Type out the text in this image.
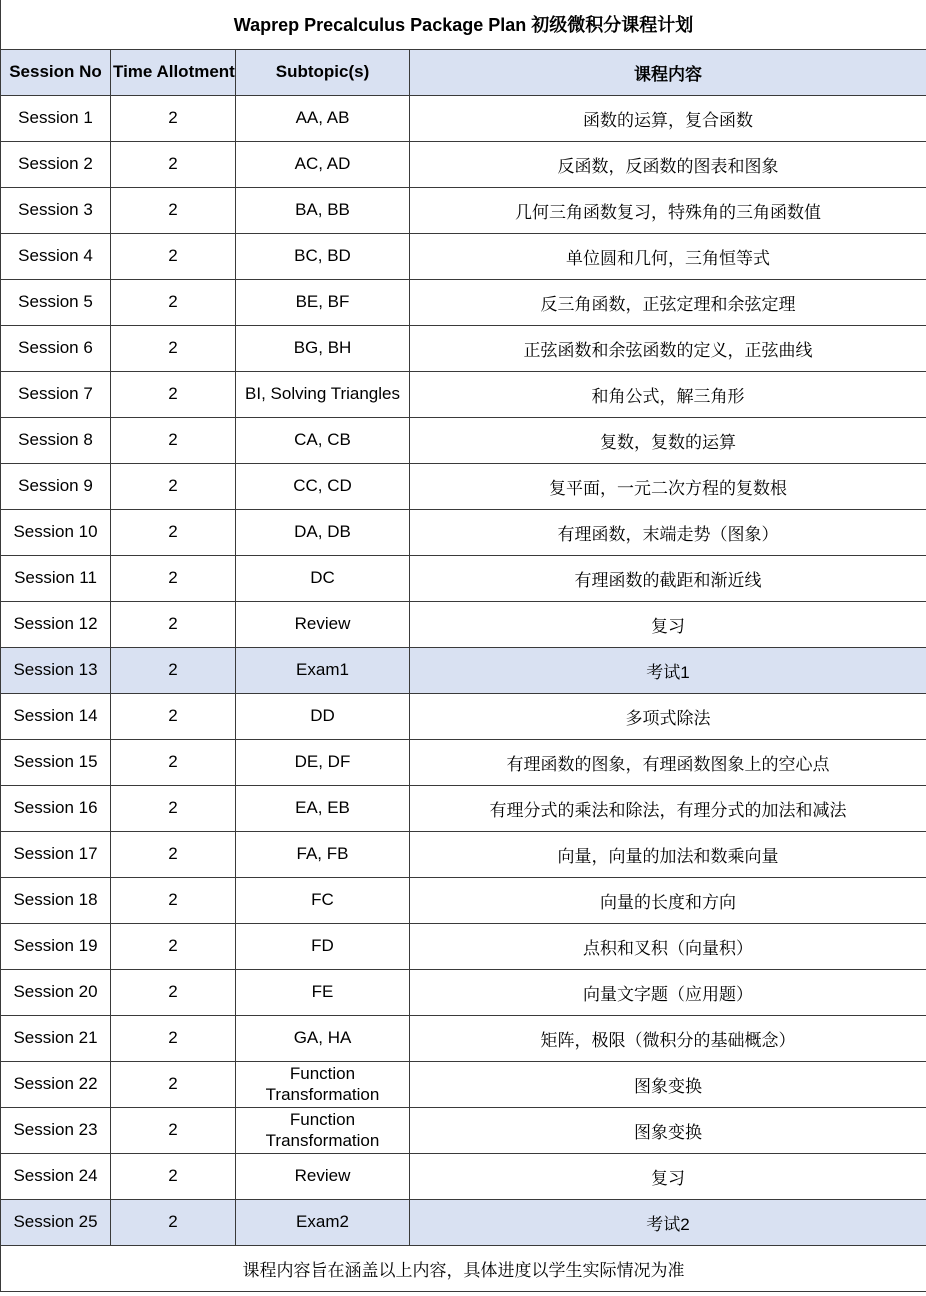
Waprep Precalculus Package Plan 初级微积分课程计划			
Session No	Time Allotment	Subtopic(s)	课程内容
Session 1	2	AA, AB	函数的运算，复合函数
Session 2	2	AC, AD	反函数，反函数的图表和图象
Session 3	2	BA, BB	几何三角函数复习，特殊角的三角函数值
Session 4	2	BC, BD	单位圆和几何，三角恒等式
Session 5	2	BE, BF	反三角函数，正弦定理和余弦定理
Session 6	2	BG, BH	正弦函数和余弦函数的定义，正弦曲线
Session 7	2	BI, Solving Triangles	和角公式，解三角形
Session 8	2	CA, CB	复数，复数的运算
Session 9	2	CC, CD	复平面，一元二次方程的复数根
Session 10	2	DA, DB	有理函数，末端走势（图象）
Session 11	2	DC	有理函数的截距和渐近线
Session 12	2	Review	复习
Session 13	2	Exam1	考试1
Session 14	2	DD	多项式除法
Session 15	2	DE, DF	有理函数的图象，有理函数图象上的空心点
Session 16	2	EA, EB	有理分式的乘法和除法，有理分式的加法和减法
Session 17	2	FA, FB	向量，向量的加法和数乘向量
Session 18	2	FC	向量的长度和方向
Session 19	2	FD	点积和叉积（向量积）
Session 20	2	FE	向量文字题（应用题）
Session 21	2	GA, HA	矩阵，极限（微积分的基础概念）
Session 22	2	Function Transformation	图象变换
Session 23	2	Function Transformation	图象变换
Session 24	2	Review	复习
Session 25	2	Exam2	考试2
课程内容旨在涵盖以上内容，具体进度以学生实际情况为准			
